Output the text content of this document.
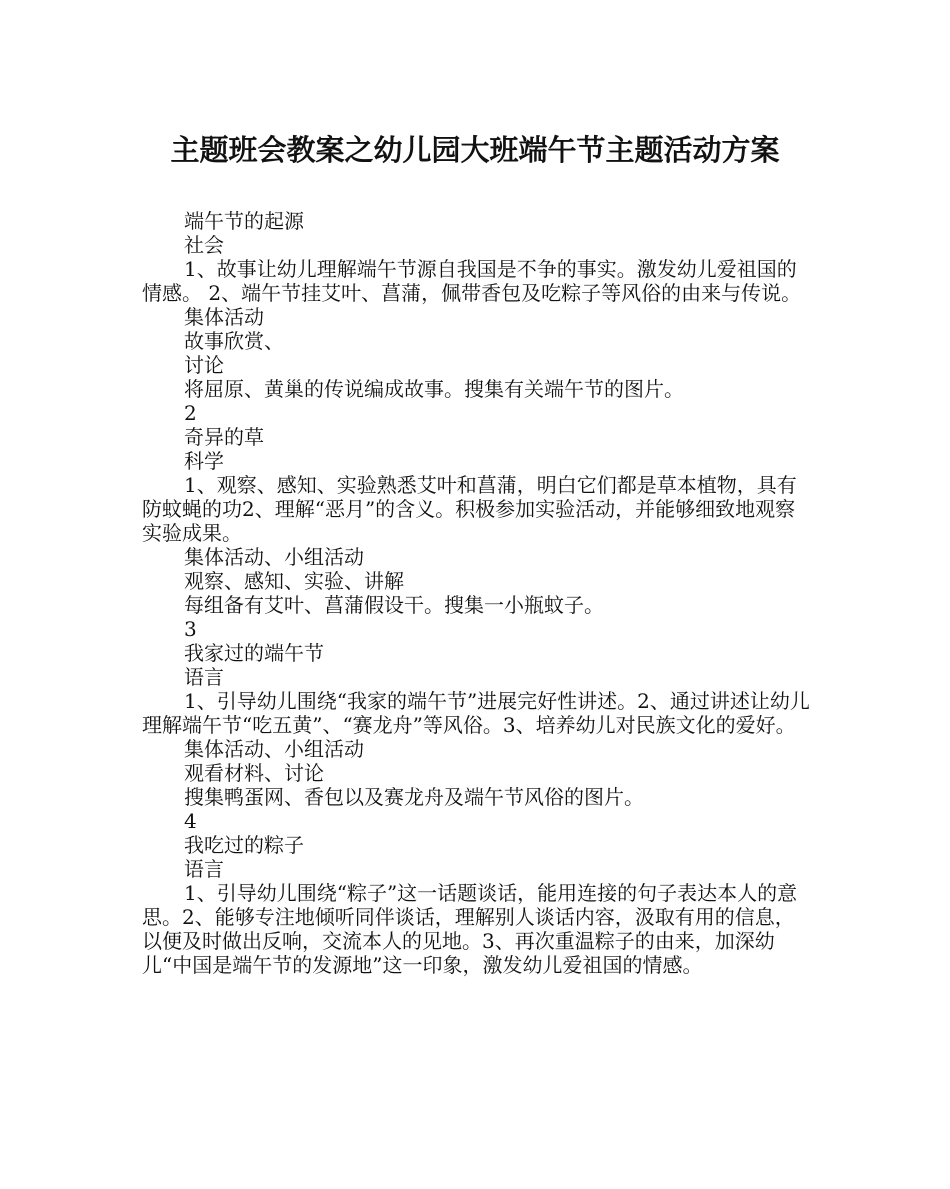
主题班会教案之幼儿园大班端午节主题活动方案

端午节的起源

社会

1、故事让幼儿理解端午节源自我国是不争的事实。激发幼儿爱祖国的情感。 2、端午节挂艾叶、菖蒲，佩带香包及吃粽子等风俗的由来与传说。

集体活动

故事欣赏、

讨论

将屈原、黄巢的传说编成故事。搜集有关端午节的图片。

2

奇异的草

科学

1、观察、感知、实验熟悉艾叶和菖蒲，明白它们都是草本植物，具有防蚊蝇的功2、理解“恶月”的含义。积极参加实验活动，并能够细致地观察实验成果。

集体活动、小组活动

观察、感知、实验、讲解

每组备有艾叶、菖蒲假设干。搜集一小瓶蚊子。

3

我家过的端午节

语言

1、引导幼儿围绕“我家的端午节”进展完好性讲述。2、通过讲述让幼儿理解端午节“吃五黄”、“赛龙舟”等风俗。3、培养幼儿对民族文化的爱好。

集体活动、小组活动

观看材料、讨论

搜集鸭蛋网、香包以及赛龙舟及端午节风俗的图片。

4

我吃过的粽子

语言

1、引导幼儿围绕“粽子”这一话题谈话，能用连接的句子表达本人的意思。2、能够专注地倾听同伴谈话，理解别人谈话内容，汲取有用的信息，以便及时做出反响，交流本人的见地。3、再次重温粽子的由来，加深幼儿“中国是端午节的发源地”这一印象，激发幼儿爱祖国的情感。
